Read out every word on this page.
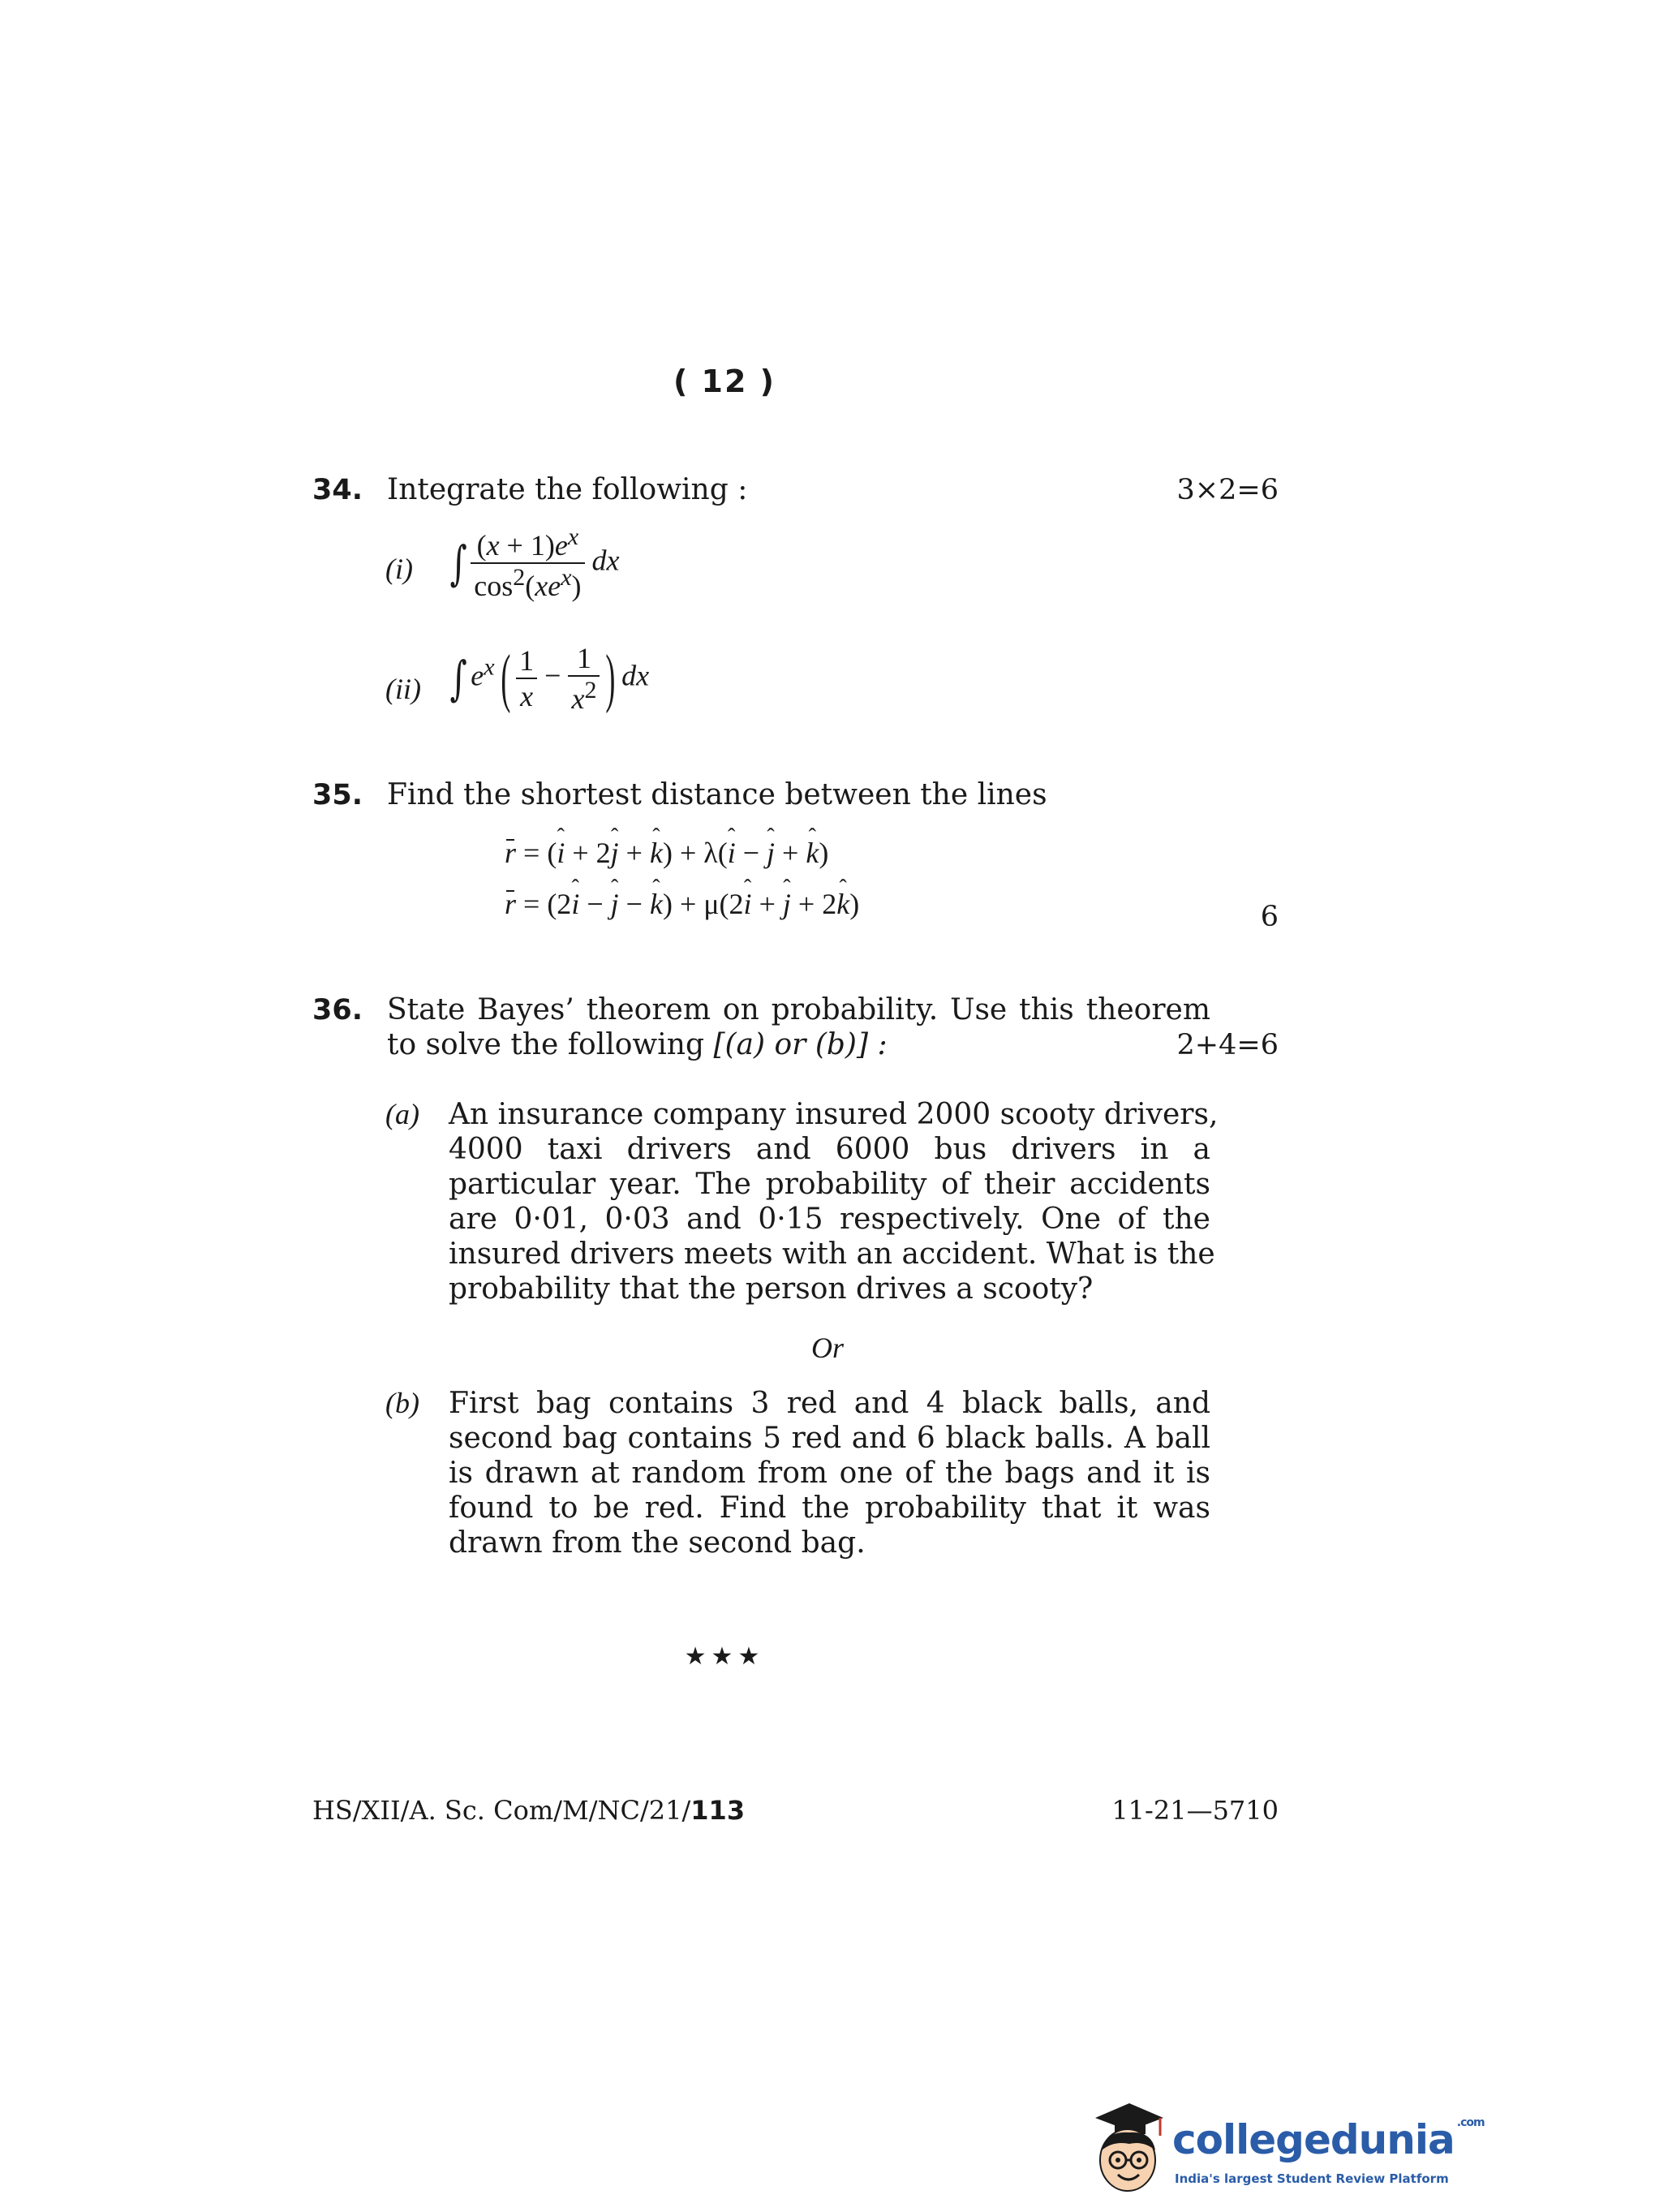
( 12 )
34. Integrate the following :	3×2=6
(i) ∫ $\frac{(x + 1)e^x}{\cos^2(xe^x)}$ dx
(ii) ∫ $e^x( \frac{1}{x} - \frac{1}{x^2}$ ) dx
35. Find the shortest distance between the lines
r = (ˆ i + 2ˆ j + ˆ k) + λ(ˆ i − ˆ j + ˆ k)
r = (2ˆ i − ˆ j − ˆ k) + μ(2ˆ i + ˆ j + 2ˆ k)	6
36. State Bayes’ theorem on probability. Use this theorem
to solve the following [(a) or (b)] :	2+4=6
(a) An insurance company insured 2000 scooty drivers,
4000 taxi drivers and 6000 bus drivers in a
particular year. The probability of their accidents
are 0·01, 0·03 and 0·15 respectively. One of the
insured drivers meets with an accident. What is the
probability that the person drives a scooty?
Or
(b) First bag contains 3 red and 4 black balls, and
second bag contains 5 red and 6 black balls. A ball
is drawn at random from one of the bags and it is
found to be red. Find the probability that it was
drawn from the second bag.
★★★
HS/XII/A. Sc. Com/M/NC/21/113	11-21—5710
collegedunia $^{.com}$
India's largest Student Review Platform
